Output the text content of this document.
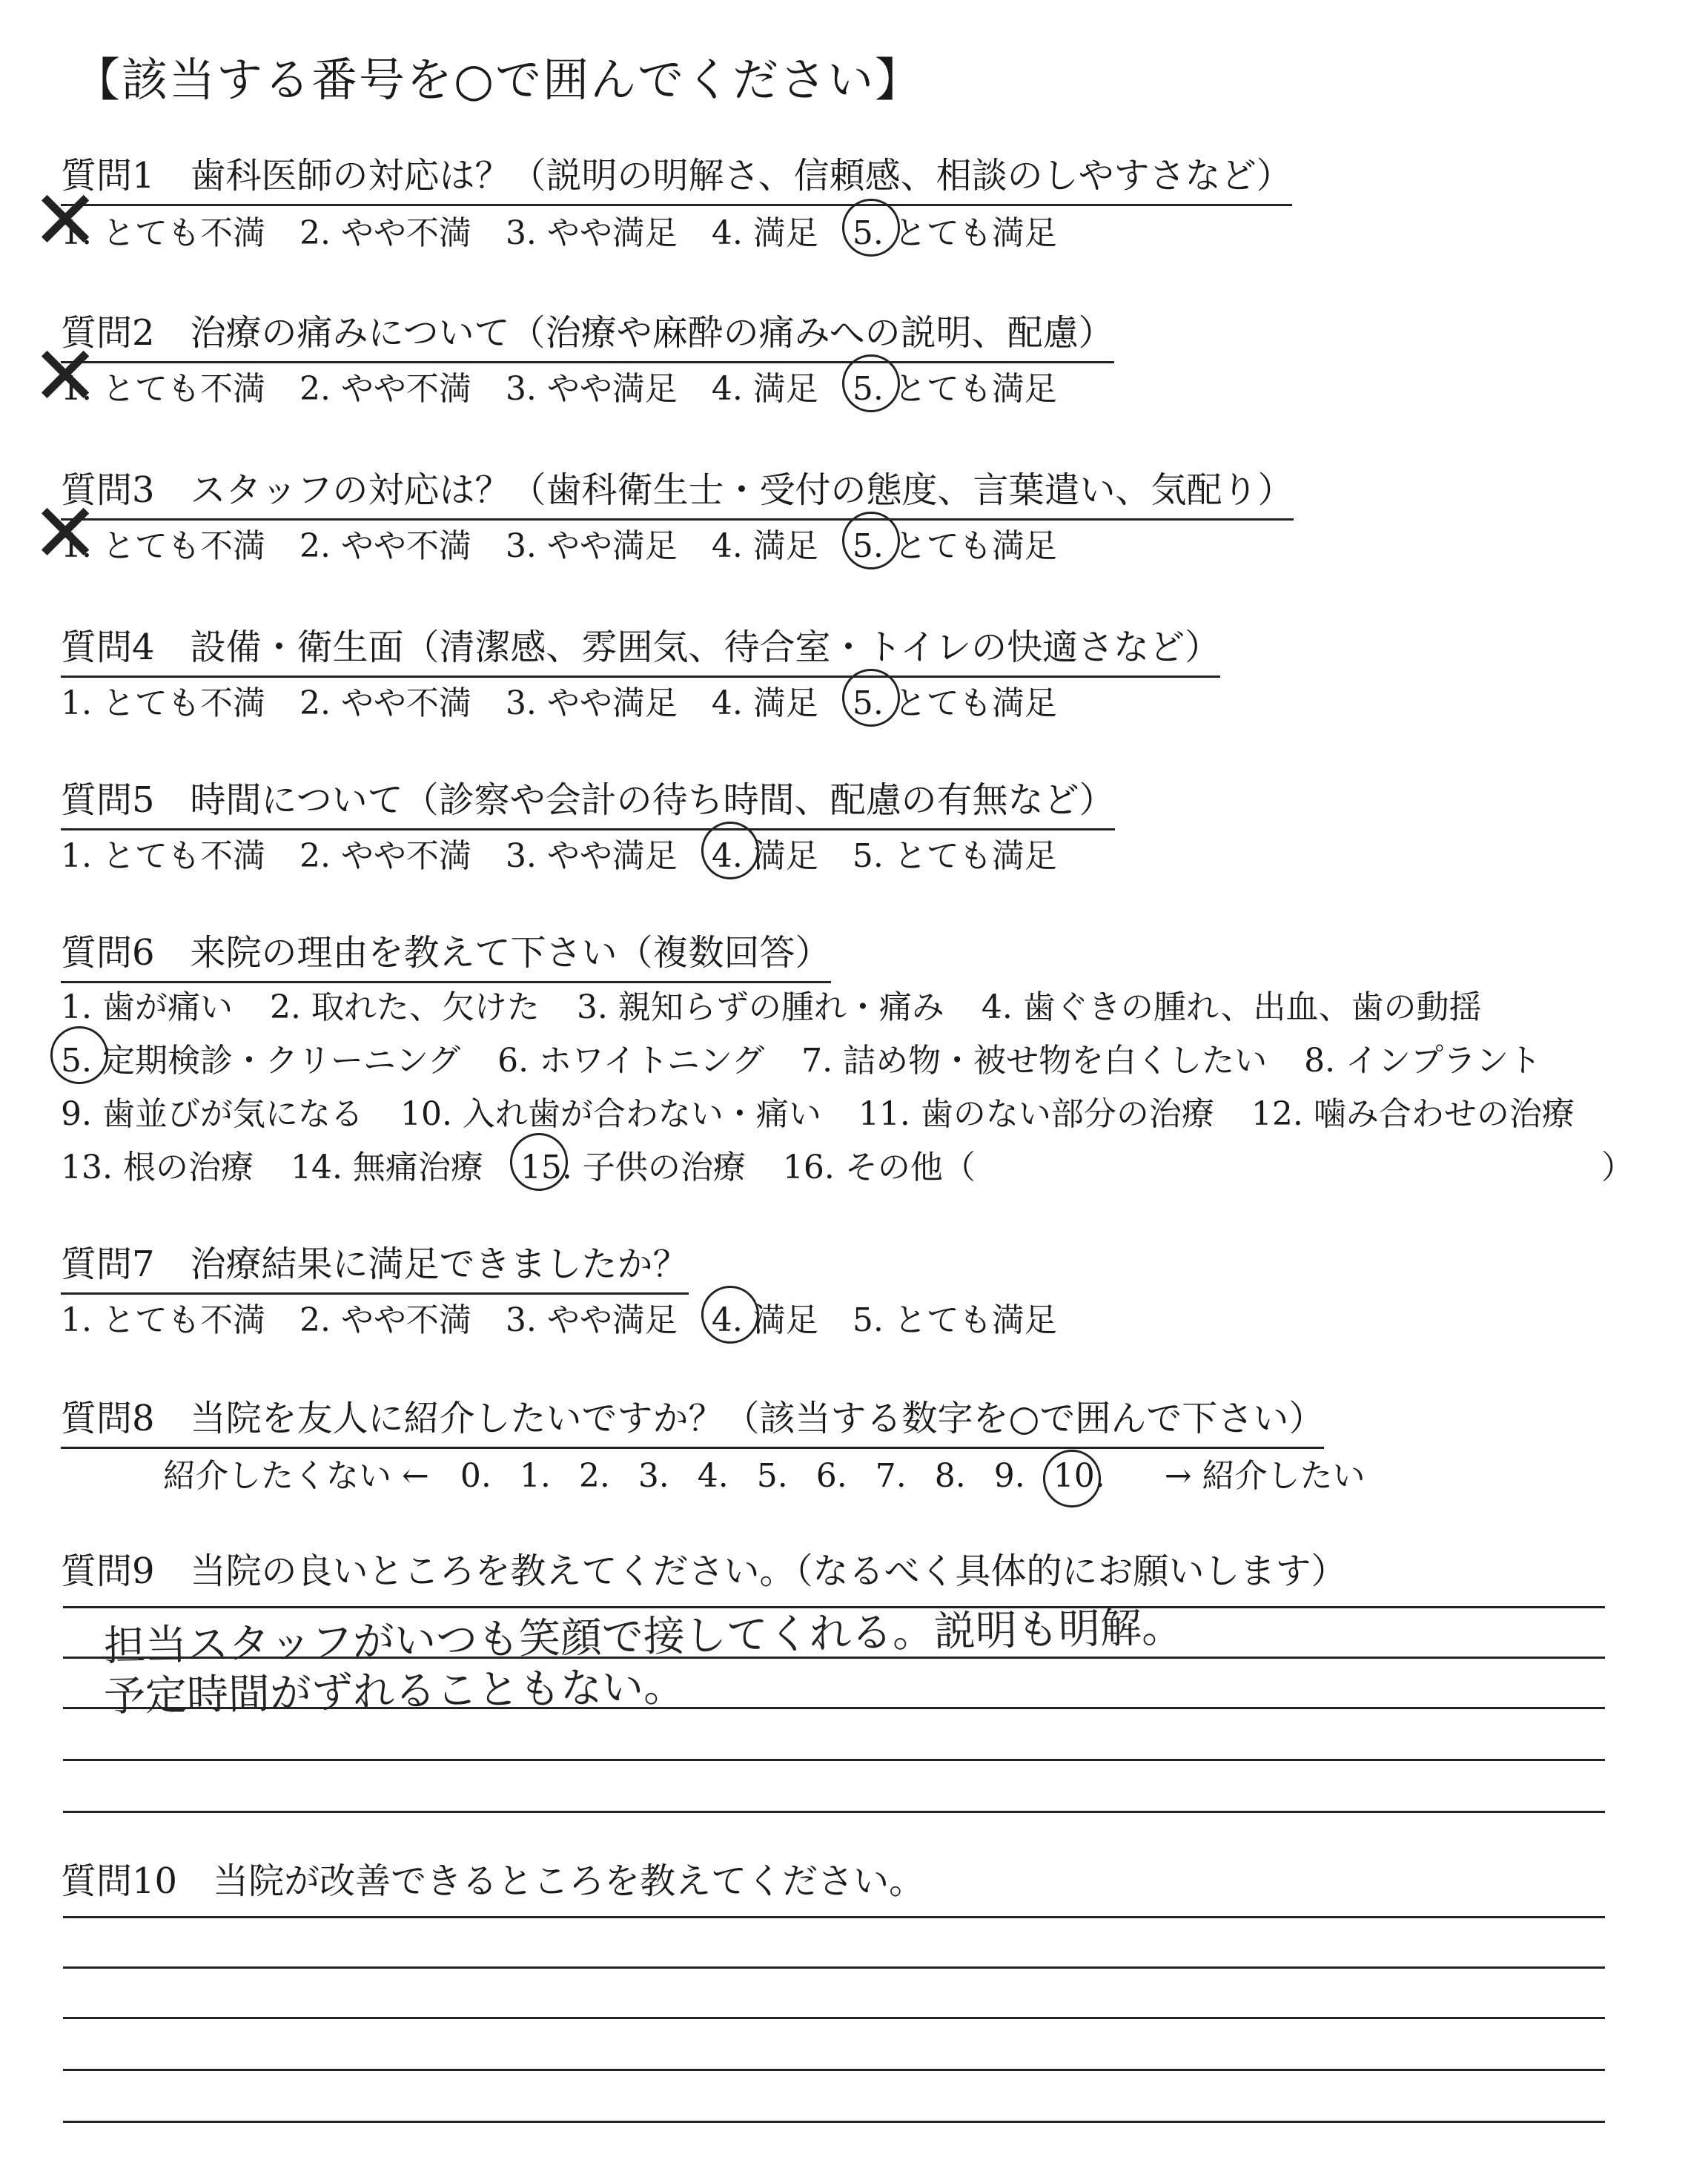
【該当する番号を○で囲んでください】
質問1　歯科医師の対応は？（説明の明解さ、信頼感、相談のしやすさなど）
1. とても不満 ✕ 2. やや不満 3. やや満足 4. 満足 5. とても満足
質問2　治療の痛みについて（治療や麻酔の痛みへの説明、配慮）
1. とても不満 ✕ 2. やや不満 3. やや満足 4. 満足 5. とても満足
質問3　スタッフの対応は？（歯科衛生士・受付の態度、言葉遣い、気配り）
1. とても不満 ✕ 2. やや不満 3. やや満足 4. 満足 5. とても満足
質問4　設備・衛生面（清潔感、雰囲気、待合室・トイレの快適さなど）
1. とても不満 2. やや不満 3. やや満足 4. 満足 5. とても満足
質問5　時間について（診察や会計の待ち時間、配慮の有無など）
1. とても不満 2. やや不満 3. やや満足 4. 満足 5. とても満足
質問6　来院の理由を教えて下さい（複数回答）
1. 歯が痛い 2. 取れた、欠けた 3. 親知らずの腫れ・痛み 4. 歯ぐきの腫れ、出血、歯の動揺
5. 定期検診・クリーニング 6. ホワイトニング 7. 詰め物・被せ物を白くしたい 8. インプラント
9. 歯並びが気になる 10. 入れ歯が合わない・痛い 11. 歯のない部分の治療 12. 噛み合わせの治療
13. 根の治療 14. 無痛治療 15. 子供の治療 16. その他（	）
質問7　治療結果に満足できましたか？
1. とても不満 2. やや不満 3. やや満足 4. 満足 5. とても満足
質問8　当院を友人に紹介したいですか？（該当する数字を○で囲んで下さい）
紹介したくない ← 0. 1. 2. 3. 4. 5. 6. 7. 8. 9. 10. → 紹介したい
質問9　当院の良いところを教えてください。（なるべく具体的にお願いします）
担当スタッフがいつも笑顔で接してくれる。説明も明解。
予定時間がずれることもない。
質問10　当院が改善できるところを教えてください。
